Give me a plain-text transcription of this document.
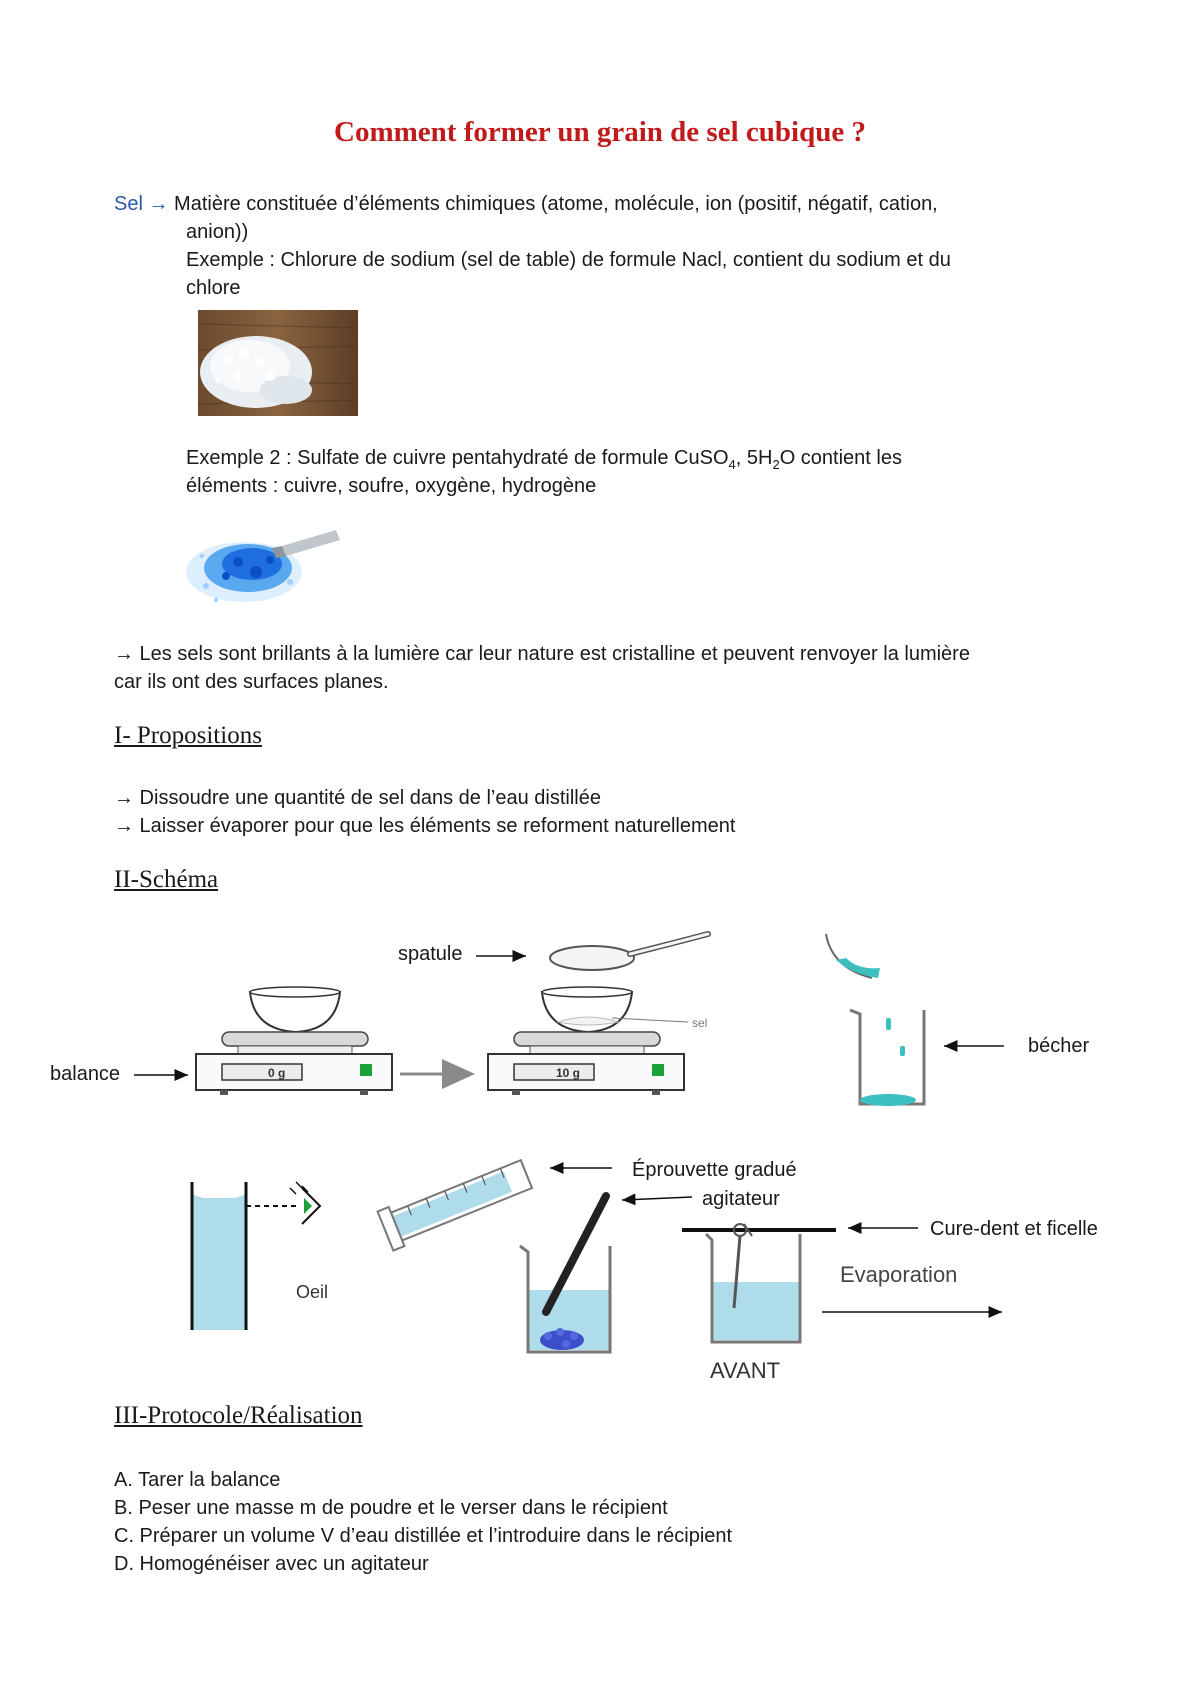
Comment former un grain de sel cubique ?
Sel → Matière constituée d’éléments chimiques (atome, molécule, ion (positif, négatif, cation,
anion))
Exemple : Chlorure de sodium (sel de table) de formule Nacl, contient du sodium et du
chlore
Exemple 2 : Sulfate de cuivre pentahydraté de formule CuSO$_4$, $5H_2O$ contient les
éléments : cuivre, soufre, oxygène, hydrogène
→ Les sels sont brillants à la lumière car leur nature est cristalline et peuvent renvoyer la lumière
car ils ont des surfaces planes.
I- Propositions
→ Dissoudre une quantité de sel dans de l’eau distillée
→ Laisser évaporer pour que les éléments se reforment naturellement
II-Schéma
spatule
balance	0 g	10 g
sel
bécher
Oeil
Éprouvette gradué
agitateur
Cure-dent et ficelle
Evaporation
AVANT
III-Protocole/Réalisation
A. Tarer la balance
B. Peser une masse m de poudre et le verser dans le récipient
C. Préparer un volume V d’eau distillée et l’introduire dans le récipient
D. Homogénéiser avec un agitateur
